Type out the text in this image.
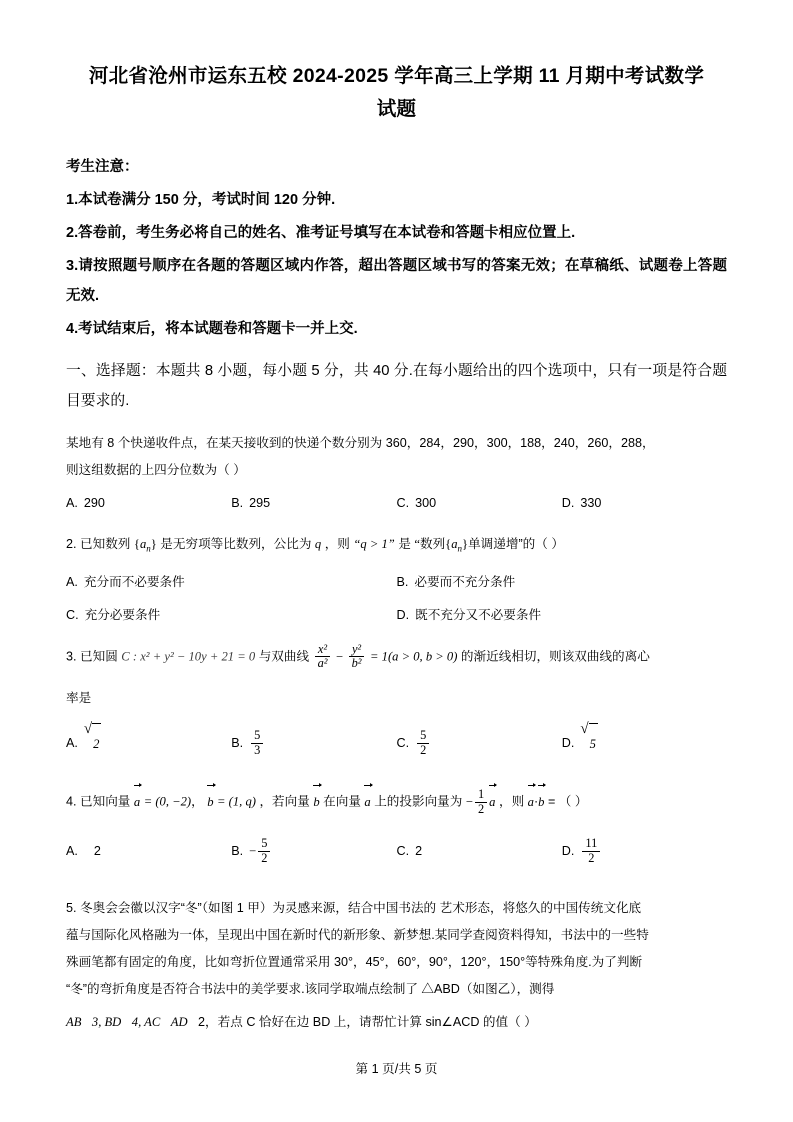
河北省沧州市运东五校 2024-2025 学年高三上学期 11 月期中考试数学
试题
考生注意：
1.本试卷满分 150 分，考试时间 120 分钟.
2.答卷前，考生务必将自己的姓名、准考证号填写在本试卷和答题卡相应位置上.
3.请按照题号顺序在各题的答题区域内作答，超出答题区域书写的答案无效；在草稿纸、试题卷上答题无效.
4.考试结束后，将本试题卷和答题卡一并上交.
一、选择题：本题共 8 小题，每小题 5 分，共 40 分.在每小题给出的四个选项中，只有一项是符合题目要求的.
某地有 8 个快递收件点，在某天接收到的快递个数分别为 360，284，290，300，188，240，260，288，
则这组数据的上四分位数为（ ）
A. 290	B. 295	C. 300	D. 330
2. 已知数列 $\{a_n\}$ 是无穷项等比数列，公比为 q ，则 “q > 1” 是 “数列$\{a_n\}$单调递增”的（ ）
A. 充分而不必要条件	B. 必要而不充分条件
C. 充分必要条件	D. 既不充分又不必要条件
3. 已知圆 C : x² + y² − 10y + 21 = 0 与双曲线 $\frac{\text{x²}}{\text{a²}} - \frac{\text{y²}}{\text{b²}} = 1(a > 0$, b > 0) 的渐近线相切，则该双曲线的离心
率是
A.
√
2	B. $\frac{5}{3}$	C. $\frac{5}{2}$	D.
√
5
4. 已知向量 a = (0, −2)， b = (1, q) ，若向量 b 在向量 a 上的投影向量为 − $\frac{1}{2}$ a ，则 a·b = （ ）
A.	2	B. − $\frac{5}{2}$	C. 2	D. $\frac{11}{2}$
5. 冬奥会会徽以汉字“冬”（如图 1 甲）为灵感来源，结合中国书法的 艺术形态，将悠久的中国传统文化底
蕴与国际化风格融为一体，呈现出中国在新时代的新形象、新梦想.某同学查阅资料得知，书法中的一些特
殊画笔都有固定的角度，比如弯折位置通常采用 30°，45°，60°，90°，120°，150°等特殊角度.为了判断
“冬”的弯折角度是否符合书法中的美学要求.该同学取端点绘制了 △ABD（如图乙），测得
AB 3, BD 4, AC AD 2，若点 C 恰好在边 BD 上，请帮忙计算 sin∠ACD 的值（ ）
第 1 页/共 5 页
